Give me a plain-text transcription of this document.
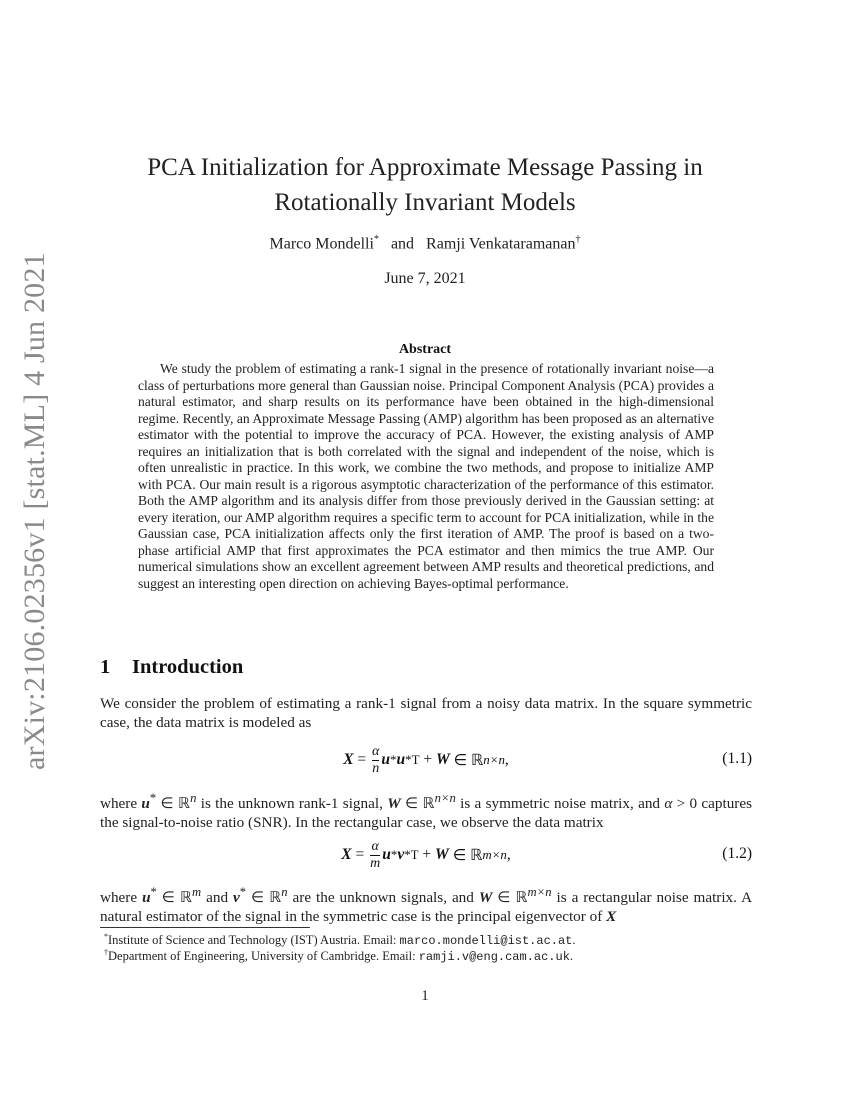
arXiv:2106.02356v1 [stat.ML] 4 Jun 2021
PCA Initialization for Approximate Message Passing in
Rotationally Invariant Models
Marco Mondelli* and Ramji Venkataramanan†
June 7, 2021
Abstract
We study the problem of estimating a rank-1 signal in the presence of rotationally invariant noise—a class of perturbations more general than Gaussian noise. Principal Component Analysis (PCA) provides a natural estimator, and sharp results on its performance have been obtained in the high-dimensional regime. Recently, an Approximate Message Passing (AMP) algorithm has been proposed as an alternative estimator with the potential to improve the accuracy of PCA. However, the existing analysis of AMP requires an initialization that is both correlated with the signal and independent of the noise, which is often unrealistic in practice. In this work, we combine the two methods, and propose to initialize AMP with PCA. Our main result is a rigorous asymptotic characterization of the performance of this estimator. Both the AMP algorithm and its analysis differ from those previously derived in the Gaussian setting: at every iteration, our AMP algorithm requires a specific term to account for PCA initialization, while in the Gaussian case, PCA initialization affects only the first iteration of AMP. The proof is based on a two-phase artificial AMP that first approximates the PCA estimator and then mimics the true AMP. Our numerical simulations show an excellent agreement between AMP results and theoretical predictions, and suggest an interesting open direction on achieving Bayes-optimal performance.
1 Introduction
We consider the problem of estimating a rank-1 signal from a noisy data matrix. In the square symmetric case, the data matrix is modeled as
$X = \frac{\alpha}{n}$ u * u *T + W ∈ ℝ n×n ,	(1.1)
where u* ∈ ℝ$^n$ is the unknown rank-1 signal, W ∈ ℝ$^{n\times n}$ is a symmetric noise matrix, and α > 0 captures the signal-to-noise ratio (SNR). In the rectangular case, we observe the data matrix
$X = \frac{\alpha}{m}$ u * v *T + W ∈ ℝ m×n ,	(1.2)
where u* ∈ ℝ$^m$ and v* ∈ ℝ$^n$ are the unknown signals, and W ∈ ℝ$^{m\times n}$ is a rectangular noise matrix. A natural estimator of the signal in the symmetric case is the principal eigenvector of X
*Institute of Science and Technology (IST) Austria. Email: marco.mondelli@ist.ac.at.
†Department of Engineering, University of Cambridge. Email: ramji.v@eng.cam.ac.uk.
1
